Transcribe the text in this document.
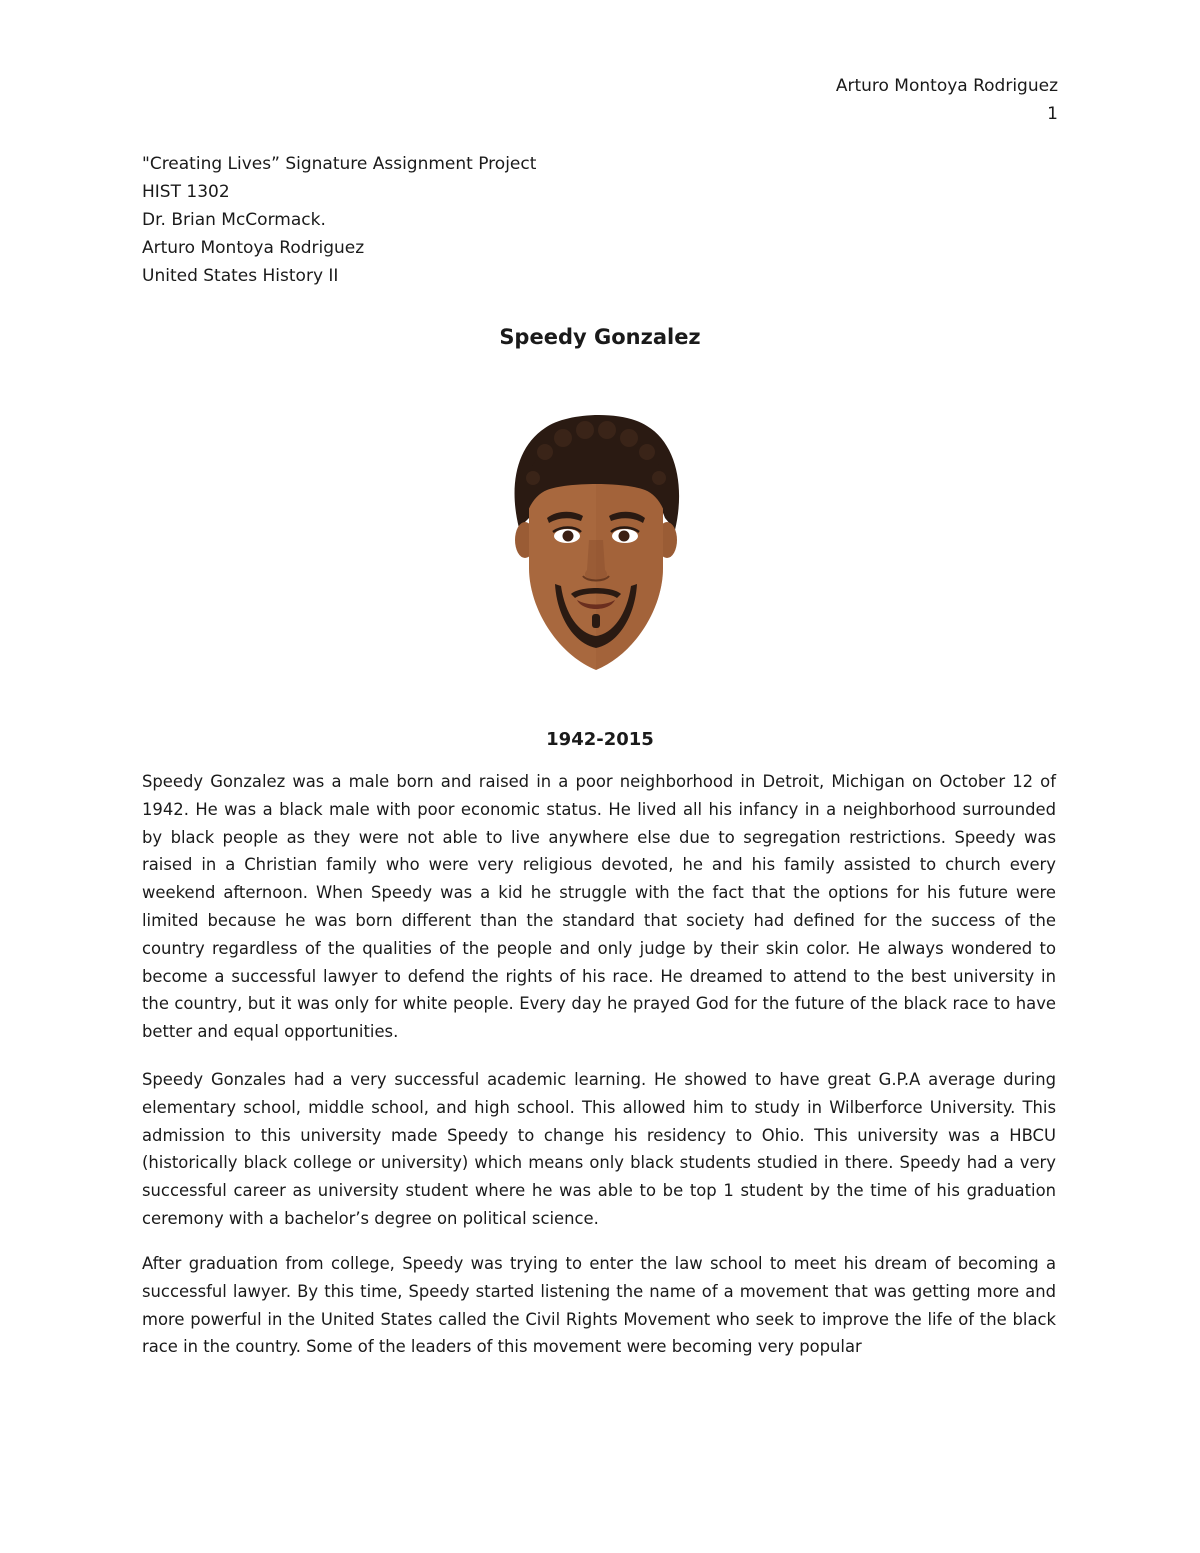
Arturo Montoya Rodriguez
1
"Creating Lives” Signature Assignment Project
HIST 1302
Dr. Brian McCormack.
Arturo Montoya Rodriguez
United States History II
Speedy Gonzalez
1942-2015

Speedy Gonzalez was a male born and raised in a poor neighborhood in Detroit, Michigan on October 12 of 1942. He was a black male with poor economic status. He lived all his infancy in a neighborhood surrounded by black people as they were not able to live anywhere else due to segregation restrictions. Speedy was raised in a Christian family who were very religious devoted, he and his family assisted to church every weekend afternoon. When Speedy was a kid he struggle with the fact that the options for his future were limited because he was born different than the standard that society had defined for the success of the country regardless of the qualities of the people and only judge by their skin color. He always wondered to become a successful lawyer to defend the rights of his race. He dreamed to attend to the best university in the country, but it was only for white people. Every day he prayed God for the future of the black race to have better and equal opportunities.

Speedy Gonzales had a very successful academic learning. He showed to have great G.P.A average during elementary school, middle school, and high school. This allowed him to study in Wilberforce University. This admission to this university made Speedy to change his residency to Ohio. This university was a HBCU (historically black college or university) which means only black students studied in there. Speedy had a very successful career as university student where he was able to be top 1 student by the time of his graduation ceremony with a bachelor’s degree on political science.

After graduation from college, Speedy was trying to enter the law school to meet his dream of becoming a successful lawyer. By this time, Speedy started listening the name of a movement that was getting more and more powerful in the United States called the Civil Rights Movement who seek to improve the life of the black race in the country. Some of the leaders of this movement were becoming very popular
